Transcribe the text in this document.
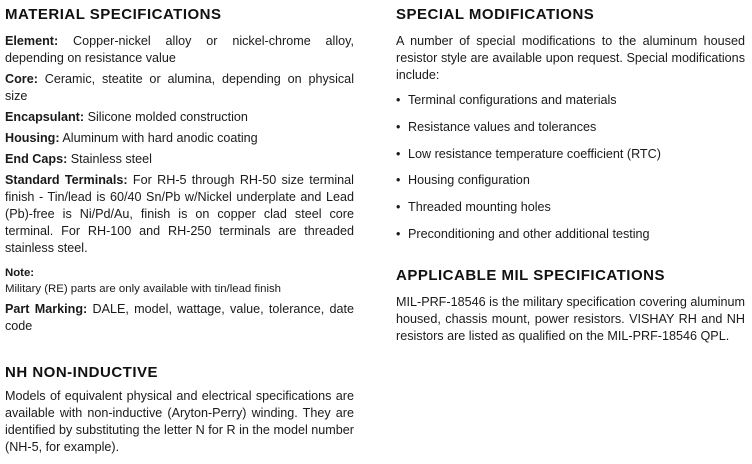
MATERIAL SPECIFICATIONS

Element: Copper-nickel alloy or nickel-chrome alloy, depending on resistance value

Core: Ceramic, steatite or alumina, depending on physical size

Encapsulant: Silicone molded construction

Housing: Aluminum with hard anodic coating

End Caps: Stainless steel

Standard Terminals: For RH-5 through RH-50 size terminal finish - Tin/lead is 60/40 Sn/Pb w/Nickel underplate and Lead (Pb)-free is Ni/Pd/Au, finish is on copper clad steel core terminal. For RH-100 and RH-250 terminals are threaded stainless steel.

Note:
Military (RE) parts are only available with tin/lead finish

Part Marking: DALE, model, wattage, value, tolerance, date code

NH NON-INDUCTIVE

Models of equivalent physical and electrical specifications are available with non-inductive (Aryton-Perry) winding. They are identified by substituting the letter N for R in the model number (NH-5, for example).

SPECIAL MODIFICATIONS

A number of special modifications to the aluminum housed resistor style are available upon request. Special modifications include:

• Terminal configurations and materials
• Resistance values and tolerances
• Low resistance temperature coefficient (RTC)
• Housing configuration
• Threaded mounting holes
• Preconditioning and other additional testing
APPLICABLE MIL SPECIFICATIONS

MIL-PRF-18546 is the military specification covering aluminum housed, chassis mount, power resistors. VISHAY RH and NH resistors are listed as qualified on the MIL-PRF-18546 QPL.
